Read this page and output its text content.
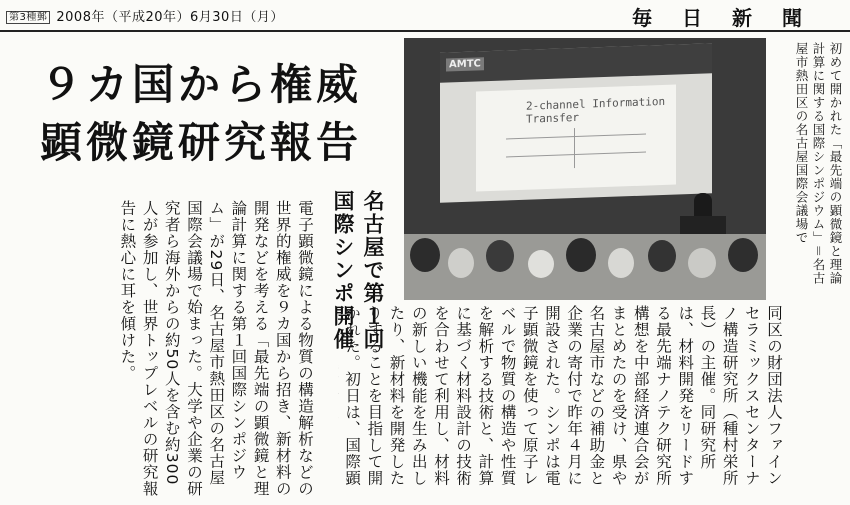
第3種郵 2008年（平成20年）6月30日（月）	毎日新聞
９カ国から権威
顕微鏡研究報告
名古屋で第１回
国際シンポ開催
電子顕微鏡による物質の構造解析などの世界的権威を９カ国から招き、新材料の開発などを考える「最先端の顕微鏡と理論計算に関する第１回国際シンポジウム」が29日、名古屋市熱田区の名古屋国際会議場で始まった。大学や企業の研究者ら海外からの約50人を含む約300人が参加し、世界トップレベルの研究報告に熱心に耳を傾けた。
AMTC
2-channel Information Transfer	初めて開かれた「最先端の顕微鏡と理論計算に関する国際シンポジウム」＝名古屋市熱田区の名古屋国際会議場で
同区の財団法人ファインセラミックスセンターナノ構造研究所（種村栄所長）の主催。同研究所は、材料開発をリードする最先端ナノテク研究所構想を中部経済連合会がまとめたのを受け、県や名古屋市などの補助金と企業の寄付で昨年４月に開設された。シンポは電子顕微鏡を使って原子レベルで物質の構造や性質を解析する技術と、計算に基づく材料設計の技術を合わせて利用し、材料の新しい機能を生み出したり、新材料を開発したりすることを目指して開かれた。初日は、国際顕
